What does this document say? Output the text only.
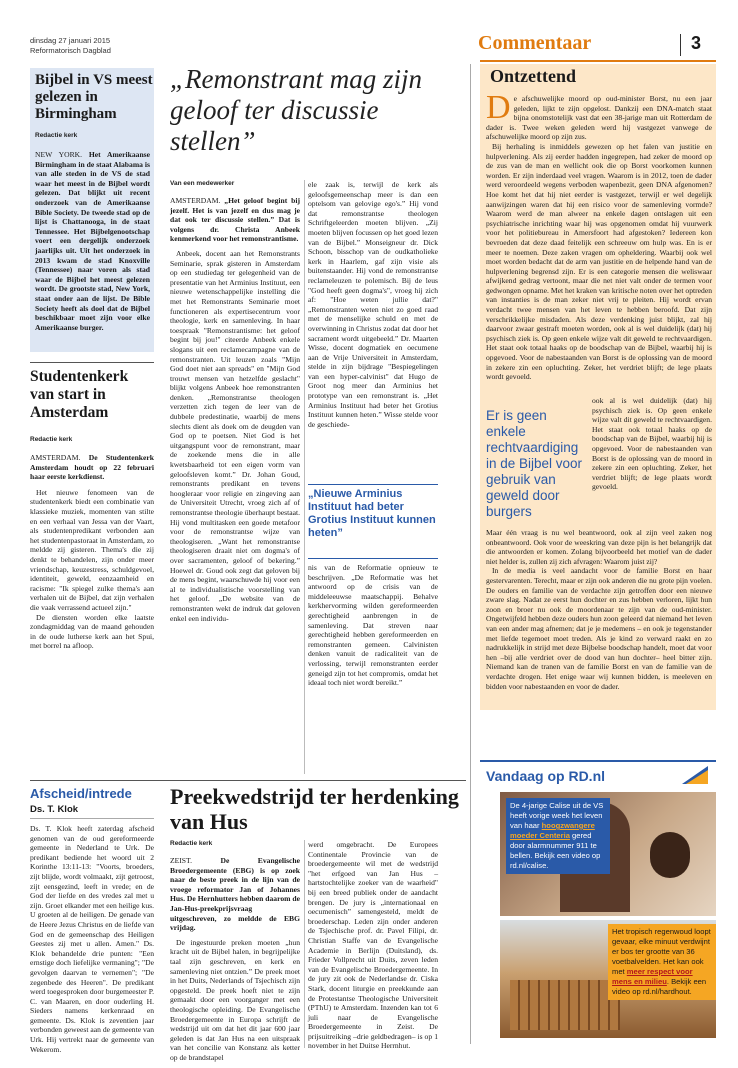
dinsdag 27 januari 2015
Reformatorisch Dagblad	Commentaar	3
Bijbel in VS meest gelezen in Birmingham
Redactie kerk
NEW YORK. Het Amerikaanse Birmingham in de staat Alabama is van alle steden in de VS de stad waar het meest in de Bijbel wordt gelezen. Dat blijkt uit recent onderzoek van de Amerikaanse Bible Society. De tweede stad op de lijst is Chattanooga, in de staat Tennessee. Het Bijbelgenootschap voert een dergelijk onderzoek jaarlijks uit. Uit het onderzoek in 2013 kwam de stad Knoxville (Tennessee) naar voren als stad waar de Bijbel het meest gelezen wordt. De grootste stad, New York, staat onder aan de lijst. De Bible Society heeft als doel dat de Bijbel beschikbaar moet zijn voor elke Amerikaanse burger.
Studentenkerk van start in Amsterdam
Redactie kerk

AMSTERDAM. De Studentenkerk Amsterdam houdt op 22 februari haar eerste kerkdienst.

Het nieuwe fenomeen van de studentenkerk biedt een combinatie van klassieke muziek, momenten van stilte en een verhaal van Jessa van der Vaart, als studentenpredikant verbonden aan het studentenpastoraat in Amsterdam, zo meldde zij gisteren. Thema's die zij denkt te behandelen, zijn onder meer vriendschap, keuzestress, schuldgevoel, identiteit, geweld, eenzaamheid en racisme: "Ik spiegel zulke thema's aan verhalen uit de Bijbel, dat zijn verhalen die vaak verrassend actueel zijn."

De diensten worden elke laatste zondagmiddag van de maand gehouden in de oude lutherse kerk aan het Spui, met borrel na afloop.

„Remonstrant mag zijn geloof ter discussie stellen”
Van een medewerker

AMSTERDAM. „Het geloof begint bij jezelf. Het is van jezelf en dus mag je dat ook ter discussie stellen.” Dat is volgens dr. Christa Anbeek kenmerkend voor het remonstrantisme.

Anbeek, docent aan het Remonstrants Seminarie, sprak gisteren in Amsterdam op een studiedag ter gelegenheid van de presentatie van het Arminius Instituut, een nieuwe wetenschappelijke instelling die met het Remonstrants Seminarie moet functioneren als expertisecentrum voor theologie, kerk en samenleving. In haar toespraak "Remonstrantisme: het geloof begint bij jou!" citeerde Anbeek enkele slogans uit een reclamecampagne van de remonstranten. Uit leuzen zoals "Mijn God doet niet aan spreads" en "Mijn God trouwt mensen van hetzelfde geslacht" blijkt volgens Anbeek hoe remonstranten denken. „Remonstrantse theologen verzetten zich tegen de leer van de dubbele predestinatie, waarbij de mens slechts dient als doek om de deugden van God op te poetsen. Niet God is het uitgangspunt voor de remonstrant, maar de zoekende mens die in alle kwetsbaarheid tot een eigen vorm van geloofsleven komt.” Dr. Johan Goud, remonstrants predikant en tevens hoogleraar voor religie en zingeving aan de Universiteit Utrecht, vroeg zich af of remonstrantse theologie überhaupt bestaat. Hij vond multitasken een goede metafoor voor de remonstrantse wijze van theologiseren. „Want het remonstrantse theologiseren draait niet om dogma's of over sacramenten, geloof of bekering.” Hoewel dr. Goud ook zegt dat geloven bij de mens begint, waarschuwde hij voor een al te individualistische voorstelling van het geloof. „De website van de remonstranten wekt de indruk dat geloven enkel een individu-

ele zaak is, terwijl de kerk als geloofsgemeenschap meer is dan een optelsom van gelovige ego's.” Hij vond dat remonstrantse theologen Schriftgeleerden moeten blijven. „Zij moeten blijven focussen op het goed lezen van de Bijbel.” Monseigneur dr. Dick Schoon, bisschop van de oudkatholieke kerk in Haarlem, gaf zijn visie als buitenstaander. Hij vond de remonstrantse reclameleuzen te polemisch. Bij de leus "God heeft geen dogma's", vroeg hij zich af: "Hoe weten jullie dat?" „Remonstranten weten niet zo goed raad met de menselijke schuld en met de overwinning in Christus zodat dat door het sacrament wordt uitgebeeld.” Dr. Maarten Wisse, docent dogmatiek en oecumene aan de Vrije Universiteit in Amsterdam, stelde in zijn bijdrage "Bespiegelingen van een hyper-calvinist" dat Hugo de Groot nog meer dan Arminius het prototype van een remonstrant is. „Het Arminius Instituut had beter het Grotius Instituut kunnen heten.” Wisse stelde voor de geschiede-

„Nieuwe Arminius Instituut had beter Grotius Instituut kunnen heten”

nis van de Reformatie opnieuw te beschrijven. „De Reformatie was het antwoord op de crisis van de middeleeuwse maatschappij. Behalve kerkhervorming wilden gereformeerden gerechtigheid aanbrengen in de samenleving. Dat streven naar gerechtigheid hebben gereformeerden en remonstranten gemeen. Calvinisten denken vanuit de radicaliteit van de verlossing, terwijl remonstranten eerder geneigd zijn tot het compromis, omdat het ideaal toch niet wordt bereikt.”

Ontzettend

De afschuwelijke moord op oud-minister Borst, nu een jaar geleden, lijkt te zijn opgelost. Dankzij een DNA-match staat bijna onomstotelijk vast dat een 38-jarige man uit Rotterdam de dader is. Twee weken geleden werd hij vastgezet vanwege de afschuwelijke moord op zijn zus.

Bij herhaling is inmiddels gewezen op het falen van justitie en hulpverlening. Als zij eerder hadden ingegrepen, had zeker de moord op de zus van de man en wellicht ook die op Borst voorkomen kunnen worden. Er zijn inderdaad veel vragen. Waarom is in 2012, toen de dader werd veroordeeld wegens verboden wapenbezit, geen DNA afgenomen? Hoe komt het dat hij niet eerder is vastgezet, terwijl er wel degelijk aanwijzingen waren dat hij een risico voor de samenleving vormde? Waarom werd de man alweer na enkele dagen ontslagen uit een psychiatrische inrichting waar hij was opgenomen omdat hij vuurwerk voor het politiebureau in Amersfoort had afgestoken? Iedereen kon bevroeden dat deze daad feitelijk een schreeuw om hulp was. En is er meer te noemen. Deze zaken vragen om opheldering. Waarbij ook wel moet worden bedacht dat de arm van justitie en de helpende hand van de hulpverlening begrensd zijn. Er is een categorie mensen die weliswaar afwijkend gedrag vertoont, maar die net niet valt onder de termen voor gedwongen opname. Met het kraken van kritische noten over het optreden van instanties is de man zeker niet vrij te pleiten. Hij wordt ervan verdacht twee mensen van het leven te hebben beroofd. Dat zijn verschrikkelijke misdaden. Als deze verdenking juist blijkt, zal hij daarvoor zwaar gestraft moeten worden, ook al is wel duidelijk (dat) hij psychisch ziek is. Op geen enkele wijze valt dit geweld te rechtvaardigen. Het staat ook totaal haaks op de boodschap van de Bijbel, waarbij hij is opgevoed. Voor de nabestaanden van Borst is de oplossing van de moord in zekere zin een opluchting. Zeker, het verdriet blijft; de lege plaats wordt gevoeld.

Er is geen enkele rechtvaardiging in de Bijbel voor gebruik van geweld door burgers

ook al is wel duidelijk (dat) hij psychisch ziek is. Op geen enkele wijze valt dit geweld te rechtvaardigen. Het staat ook totaal haaks op de boodschap van de Bijbel, waarbij hij is opgevoed. Voor de nabestaanden van Borst is de oplossing van de moord in zekere zin een opluchting. Zeker, het verdriet blijft; de lege plaats wordt gevoeld.

Maar één vraag is nu wel beantwoord, ook al zijn veel zaken nog onbeantwoord. Ook voor de weeskring van deze pijn is het belangrijk dat die antwoorden er komen. Zolang bijvoorbeeld het motief van de dader niet helder is, zullen zij zich afvragen: Waarom juist zij?

In de media is veel aandacht voor de familie Borst en haar gestervarenten. Terecht, maar er zijn ook anderen die nu grote pijn voelen. De ouders en familie van de verdachte zijn getroffen door een nieuwe zware slag. Nadat ze eerst hun dochter en zus hebben verloren, lijkt hun zoon en broer nu ook de moordenaar te zijn van de oud-minister. Ongetwijfeld hebben deze ouders hun zoon geleerd dat niemand het leven van een ander mag afnemen; dat je je medemens – en ook je tegenstander met liefde tegemoet moet treden. Als je kind zo verward raakt en zo nadrukkelijk in strijd met deze Bijbelse boodschap handelt, moet dat voor hen –bij alle verdriet over de dood van hun dochter– heel bitter zijn. Niemand kan de tranen van de familie Borst en van de familie van de verdachte drogen. Het enige waar wij kunnen bidden, is meeleven en bidden voor nabestaanden en voor de dader.

Afscheid/intrede
Ds. T. Klok

Ds. T. Klok heeft zaterdag afscheid genomen van de oud gereformeerde gemeente in Nederland te Urk. De predikant bediende het woord uit 2 Korinthe 13:11-13: "Voorts, broeders, zijt blijde, wordt volmaakt, zijt getroost, zijt eensgezind, leeft in vrede; en de God der liefde en des vredes zal met u zijn. Groet elkander met een heilige kus. U groeten al de heiligen. De genade van de Heere Jezus Christus en de liefde van God en de gemeenschap des Heiligen Geestes zij met u allen. Amen." Ds. Klok behandelde drie punten: "Een ernstige doch liefelijke vermaning"; "De gevolgen daarvan te vernemen"; "De zegenbede des Heeren". De predikant werd toegesproken door burgemeester P. C. van Maaren, en door ouderling H. Sieders namens kerkenraad en gemeente. Ds. Klok is zeventien jaar verbonden geweest aan de gemeente van Urk. Hij vertrekt naar de gemeente van Wekerom.

Preekwedstrijd ter herdenking van Hus
Redactie kerk

ZEIST.	De Evangelische Broedergemeente (EBG) is op zoek naar de beste preek in de lijn van de vroege reformator Jan of Johannes Hus. De Hernhutters hebben daarom de Jan-Hus-preekprijsvraag uitgeschreven, zo meldde de EBG vrijdag.

De ingestuurde preken moeten „hun kracht uit de Bijbel halen, in begrijpelijke taal zijn geschreven, en kerk en samenleving niet ontzien.” De preek moet in het Duits, Nederlands of Tsjechisch zijn opgesteld. De preek hoeft niet te zijn gemaakt door een voorganger met een theologische opleiding. De Evangelische Broedergemeente in Europa schrijft de wedstrijd uit om dat het dit jaar 600 jaar geleden is dat Jan Hus na een uitspraak van het concilie van Konstanz als ketter op de brandstapel

werd omgebracht. De Europees Continentale Provincie van de broedergemeente wil met de wedstrijd "het erfgoed van Jan Hus – hartstochtelijke zoeker van de waarheid" bij een breed publiek onder de aandacht brengen. De jury is „internationaal en oecumenisch” samengesteld, meldt de broederschap. Leden zijn onder anderen de Tsjechische prof. dr. Pavel Filipi, dr. Christian Staffe van de Evangelische Academie in Berlijn (Duitsland), ds. Frieder Vollprecht uit Duits, zeven leden van de Evangelische Broedergemeente. In de jury zit ook de Nederlandse dr. Ciska Stark, docent liturgie en preekkunde aan de Protestantse Theologische Universiteit (PThU) te Amsterdam. Inzenden kan tot 6 juli naar de Evangelische Broedergemeente in Zeist. De prijsuitreiking –drie geldbedragen– is op 1 november in het Duitse Herrnhut.

Vandaag op RD.nl
De 4-jarige Calise uit de VS heeft vorige week het leven van haar hoogzwangere moeder Centeria gered door alarmnummer 911 te bellen. Bekijk een video op rd.nl/calise.
Het tropisch regenwoud loopt gevaar, elke minuut verdwijnt er bos ter grootte van 36 voetbalvelden. Het kan ook met meer respect voor mens en milieu. Bekijk een video op rd.nl/hardhout.
